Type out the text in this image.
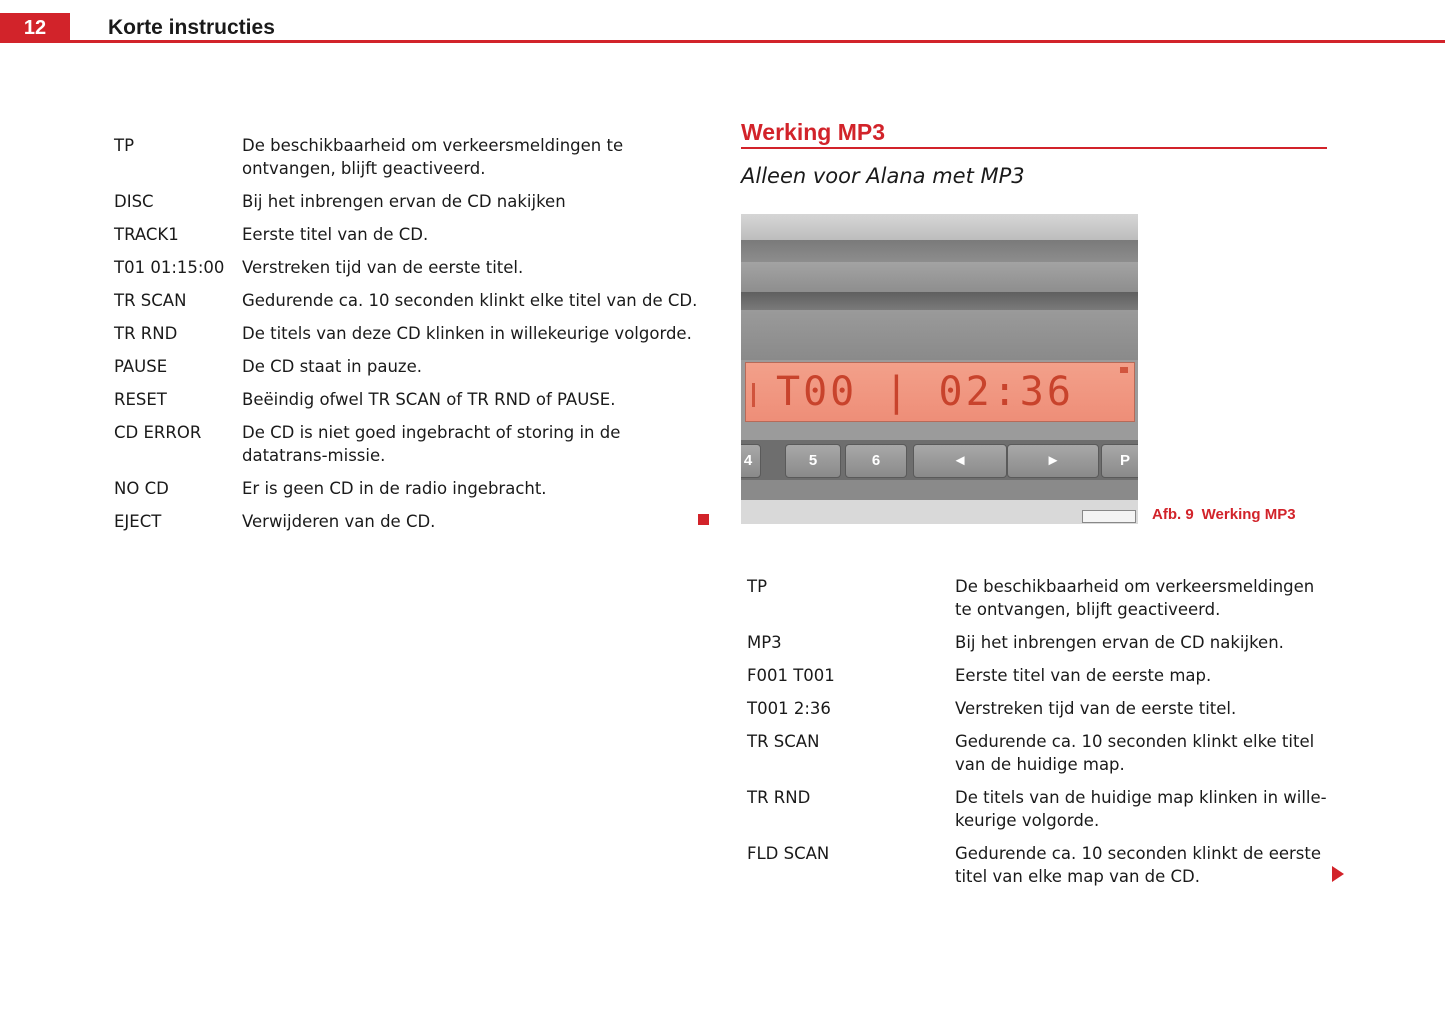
12	Korte instructies
TP	De beschikbaarheid om verkeersmeldingen te ontvangen, blijft geactiveerd.
DISC	Bij het inbrengen ervan de CD nakijken
TRACK1	Eerste titel van de CD.
T01 01:15:00 Verstreken tijd van de eerste titel.
TR SCAN	Gedurende ca. 10 seconden klinkt elke titel van de CD.
TR RND	De titels van deze CD klinken in willekeurige volgorde.
PAUSE	De CD staat in pauze.
RESET	Beëindig ofwel TR SCAN of TR RND of PAUSE.
CD ERROR De CD is niet goed ingebracht of storing in de datatrans-missie.
NO CD	Er is geen CD in de radio ingebracht.
EJECT	Verwijderen van de CD.
Werking MP3
Alleen voor Alana met MP3
T00 | 02:36
4	5	6	◄	►	P
Afb. 9 Werking MP3
TP	De beschikbaarheid om verkeersmeldingen te ontvangen, blijft geactiveerd.
MP3	Bij het inbrengen ervan de CD nakijken.
F001 T001	Eerste titel van de eerste map.
T001 2:36	Verstreken tijd van de eerste titel.
TR SCAN	Gedurende ca. 10 seconden klinkt elke titel van de huidige map.
TR RND	De titels van de huidige map klinken in wille-keurige volgorde.
FLD SCAN	Gedurende ca. 10 seconden klinkt de eerste titel van elke map van de CD.
